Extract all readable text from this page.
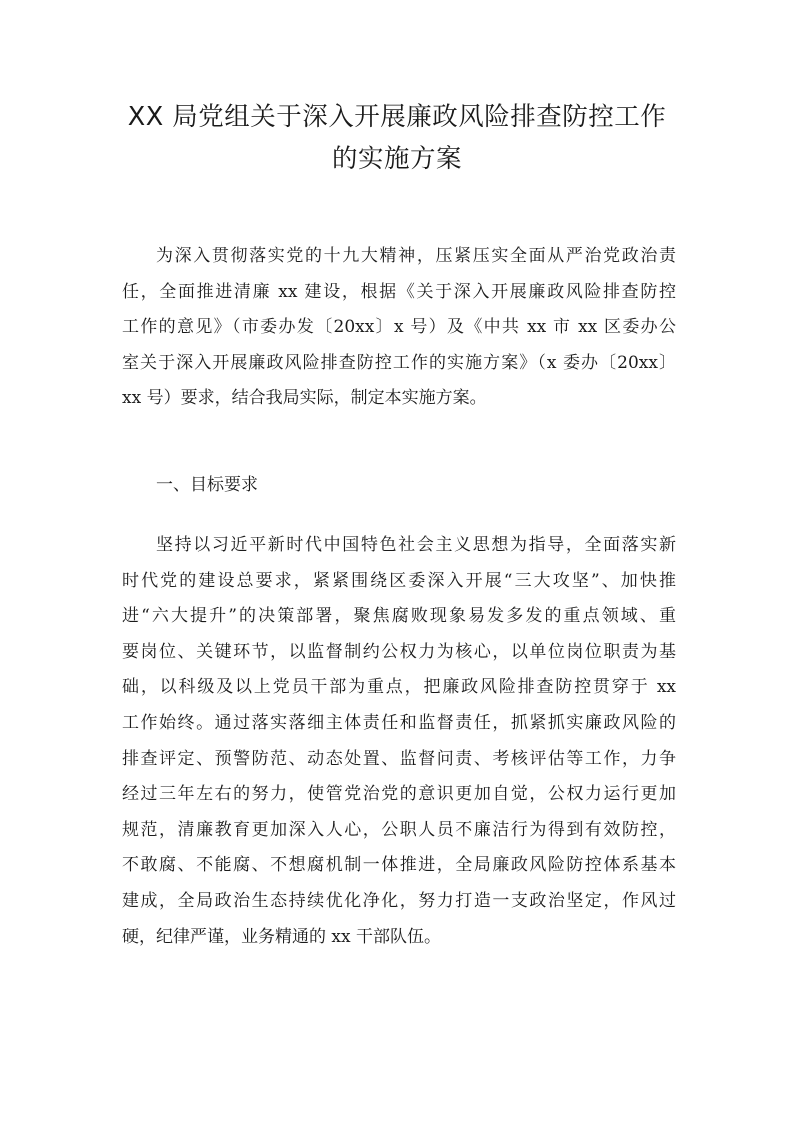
XX 局党组关于深入开展廉政风险排查防控工作
的实施方案

为深入贯彻落实党的十九大精神，压紧压实全面从严治党政治责
任，全面推进清廉 xx 建设，根据《关于深入开展廉政风险排查防控
工作的意见》（市委办发〔20xx〕x 号）及《中共 xx 市 xx 区委办公
室关于深入开展廉政风险排查防控工作的实施方案》（x 委办〔20xx〕
xx 号）要求，结合我局实际，制定本实施方案。

一、目标要求

坚持以习近平新时代中国特色社会主义思想为指导，全面落实新
时代党的建设总要求，紧紧围绕区委深入开展“三大攻坚”、加快推
进“六大提升”的决策部署，聚焦腐败现象易发多发的重点领域、重
要岗位、关键环节，以监督制约公权力为核心，以单位岗位职责为基
础，以科级及以上党员干部为重点，把廉政风险排查防控贯穿于 xx
工作始终。通过落实落细主体责任和监督责任，抓紧抓实廉政风险的
排查评定、预警防范、动态处置、监督问责、考核评估等工作，力争
经过三年左右的努力，使管党治党的意识更加自觉，公权力运行更加
规范，清廉教育更加深入人心，公职人员不廉洁行为得到有效防控，
不敢腐、不能腐、不想腐机制一体推进，全局廉政风险防控体系基本
建成，全局政治生态持续优化净化，努力打造一支政治坚定，作风过
硬，纪律严谨，业务精通的 xx 干部队伍。
